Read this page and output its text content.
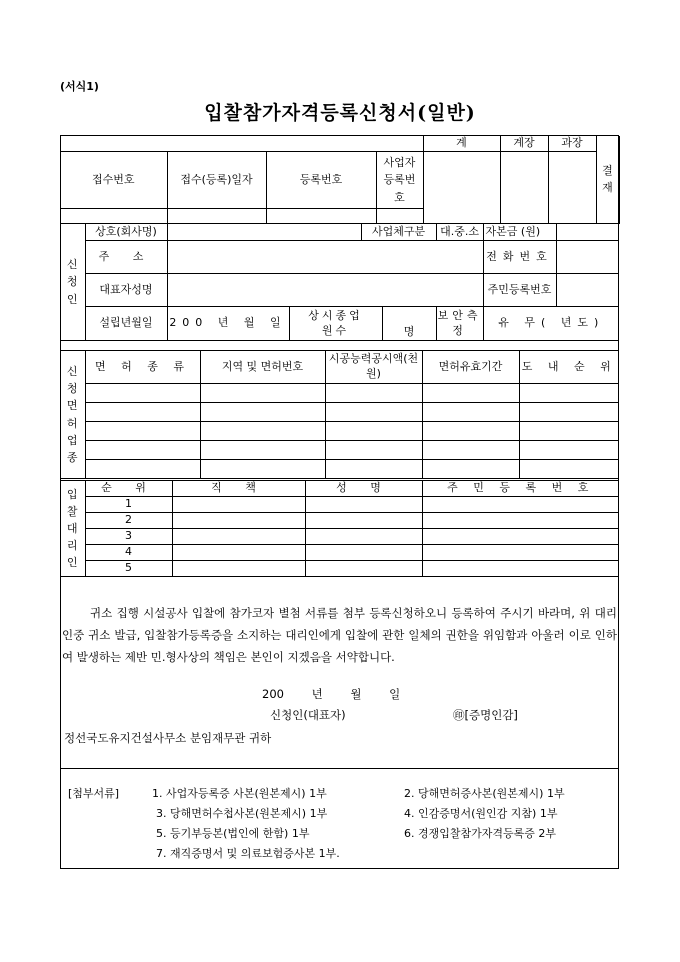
(서식1)
입찰참가자격등록신청서(일반)
				계	계장	과장	결재
접수번호	접수(등록)일자	등록번호	사업자등록번호				

신청인	상호(회사명)			사업체구분		대.중.소	자본금 (원)	
	주 소						전화번호	
	대표자성명						주민등록번호	
	설립년월일	200 년 월 일	상시종업원수		명	보안측정	유 무( 년도)	
신청면허업종	면 허 종 류	지역 및 면허번호	시공능력공시액(천원)	면허유효기간	도 내 순 위

입찰대리인	순 위	직 책	성 명	주 민 등 록 번 호
	1			
	2			
	3			
	4			
	5			
귀소 집행 시설공사 입찰에 참가코자 별첨 서류를 첨부 등록신청하오니 등록하여 주시기 바라며, 위 대리인중 귀소 발급, 입찰참가등록증을 소지하는 대리인에게 입찰에 관한 일체의 권한을 위임함과 아울러 이로 인하여 발생하는 제반 민.형사상의 책임은 본인이 지겠음을 서약합니다.
200 년 월 일
신청인(대표자)	㊞[증명인감]
정선국도유지건설사무소 분임재무관 귀하
[첨부서류]	1. 사업자등록증 사본(원본제시) 1부	2. 당해면허증사본(원본제시) 1부
3. 당해면허수첩사본(원본제시) 1부	4. 인감증명서(원인감 지참) 1부
5. 등기부등본(법인에 한함) 1부	6. 경쟁입찰참가자격등록증 2부
7. 재직증명서 및 의료보험증사본 1부.
